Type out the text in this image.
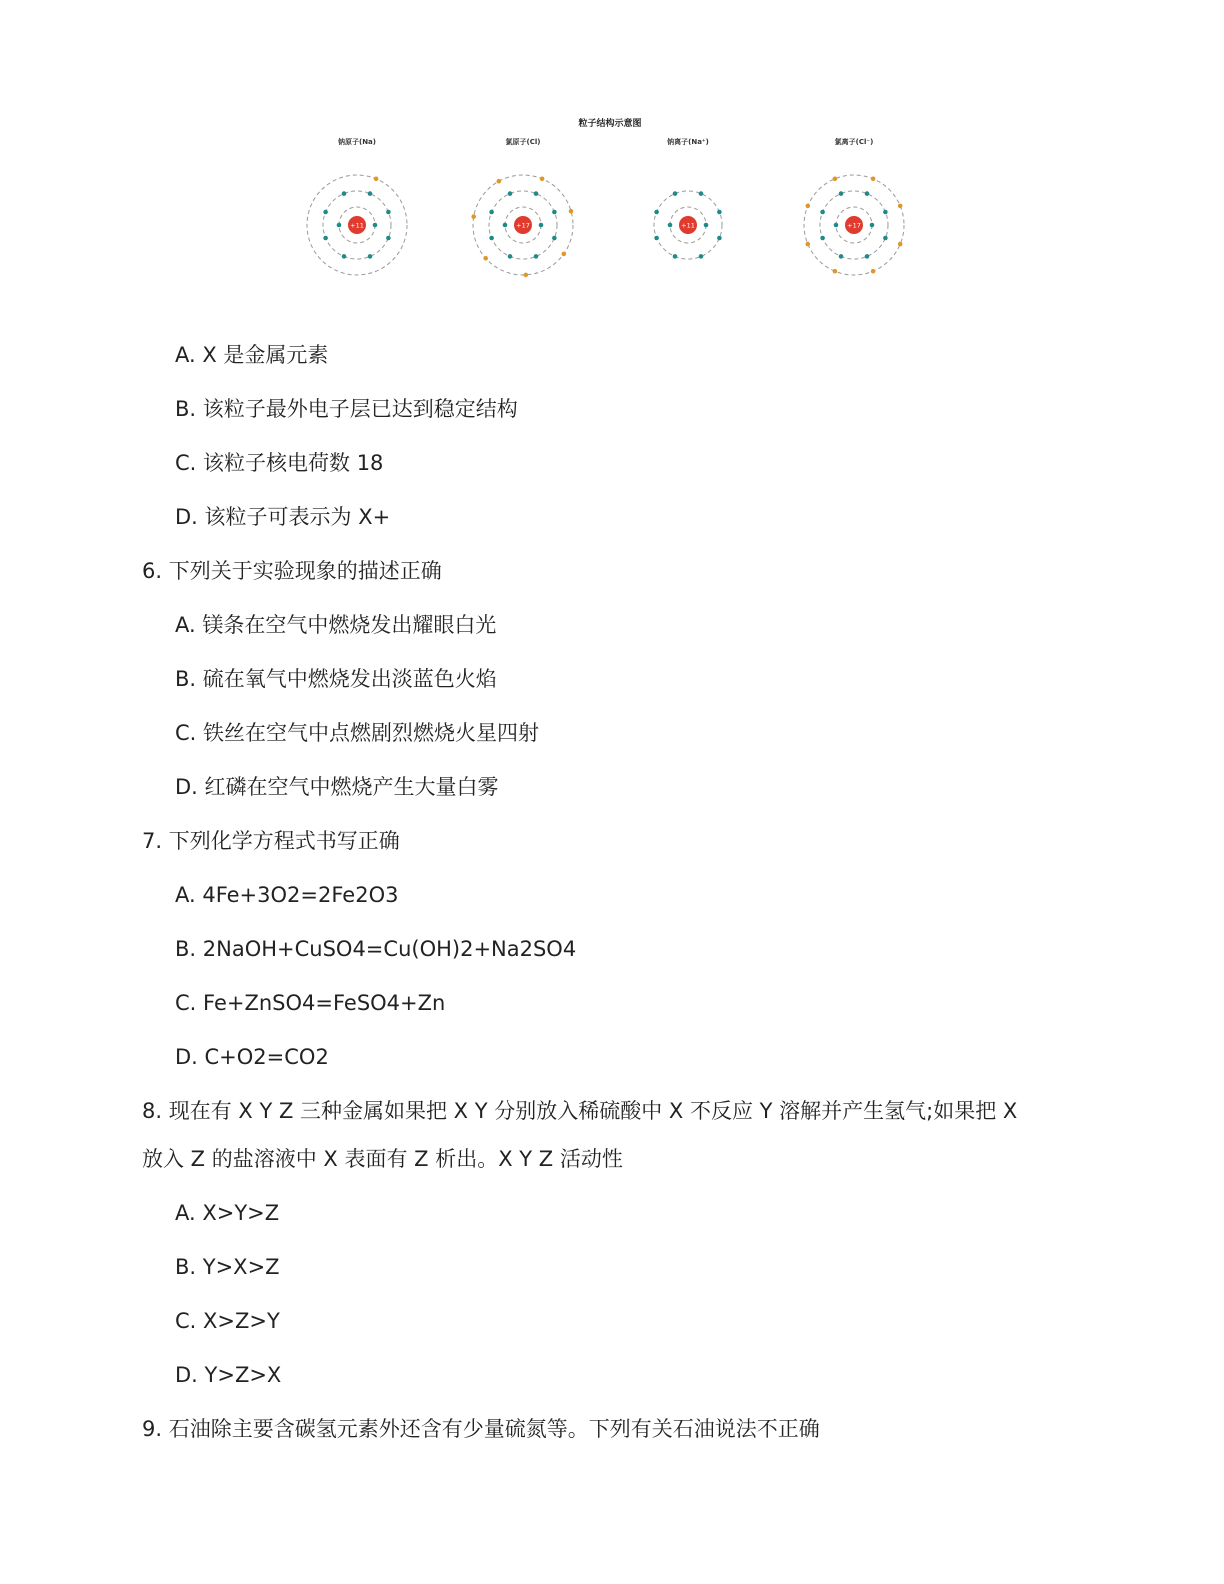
粒子结构示意图
钠原子(Na)	氯原子(Cl)	钠离子(Na⁺)	氯离子(Cl⁻)
+11	+17	+11	+17
A. X 是金属元素
B. 该粒子最外电子层已达到稳定结构
C. 该粒子核电荷数 18
D. 该粒子可表示为 X+
6. 下列关于实验现象的描述正确
A. 镁条在空气中燃烧发出耀眼白光
B. 硫在氧气中燃烧发出淡蓝色火焰
C. 铁丝在空气中点燃剧烈燃烧火星四射
D. 红磷在空气中燃烧产生大量白雾
7. 下列化学方程式书写正确
A. 4Fe+3O2=2Fe2O3
B. 2NaOH+CuSO4=Cu(OH)2+Na2SO4
C. Fe+ZnSO4=FeSO4+Zn
D. C+O2=CO2
8. 现在有 X Y Z 三种金属如果把 X Y 分别放入稀硫酸中 X 不反应 Y 溶解并产生氢气;如果把 X
放入 Z 的盐溶液中 X 表面有 Z 析出。X Y Z 活动性
A. X>Y>Z
B. Y>X>Z
C. X>Z>Y
D. Y>Z>X
9. 石油除主要含碳氢元素外还含有少量硫氮等。下列有关石油说法不正确
